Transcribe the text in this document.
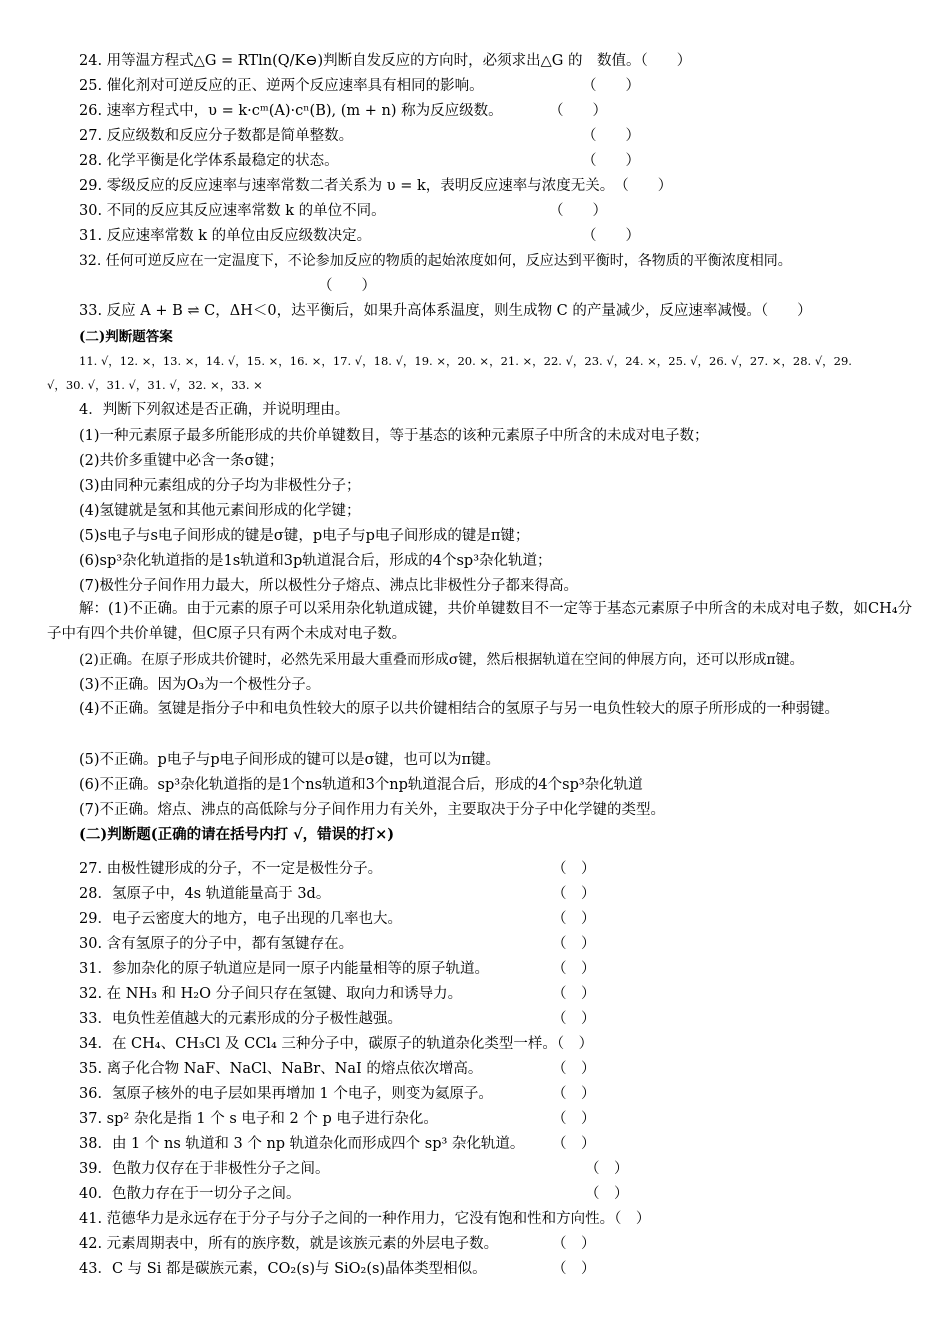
24. 用等温方程式△G = RTln(Q/K⊖)判断自发反应的方向时，必须求出△G 的　数值。（　　）
25. 催化剂对可逆反应的正、逆两个反应速率具有相同的影响。	（　　）
26. 速率方程式中，υ = k·cᵐ(A)·cⁿ(B), (m + n) 称为反应级数。	（　　）
27. 反应级数和反应分子数都是简单整数。	（　　）
28. 化学平衡是化学体系最稳定的状态。	（　　）
29. 零级反应的反应速率与速率常数二者关系为 υ = k，表明反应速率与浓度无关。　（　　）
30. 不同的反应其反应速率常数 k 的单位不同。	（　　）
31. 反应速率常数 k 的单位由反应级数决定。	（　　）
32. 任何可逆反应在一定温度下，不论参加反应的物质的起始浓度如何，反应达到平衡时，各物质的平衡浓度相同。
（　　）
33. 反应 A + B ⇌ C，ΔH＜0，达平衡后，如果升高体系温度，则生成物 C 的产量减少，反应速率减慢。（　　）
(二)判断题答案
11. √，12. ×，13. ×，14. √，15. ×，16. ×，17. √，18. √，19. ×，20. ×，21. ×，22. √，23. √，24. ×，25. √，26. √，27. ×，28. √，29.
√，30. √，31. √，31. √，32. ×，33. ×
4．判断下列叙述是否正确，并说明理由。
(1)一种元素原子最多所能形成的共价单键数目，等于基态的该种元素原子中所含的未成对电子数；
(2)共价多重键中必含一条σ键；
(3)由同种元素组成的分子均为非极性分子；
(4)氢键就是氢和其他元素间形成的化学键；
(5)s电子与s电子间形成的键是σ键，p电子与p电子间形成的键是π键；
(6)sp³杂化轨道指的是1s轨道和3p轨道混合后，形成的4个sp³杂化轨道；
(7)极性分子间作用力最大，所以极性分子熔点、沸点比非极性分子都来得高。
解：(1)不正确。由于元素的原子可以采用杂化轨道成键，共价单键数目不一定等于基态元素原子中所含的未成对电子数，如CH₄分子中有四个共价单键，但C原子只有两个未成对电子数。
(2)正确。在原子形成共价键时，必然先采用最大重叠而形成σ键，然后根据轨道在空间的伸展方向，还可以形成π键。
(3)不正确。因为O₃为一个极性分子。
(4)不正确。氢键是指分子中和电负性较大的原子以共价键相结合的氢原子与另一电负性较大的原子所形成的一种弱键。
(5)不正确。p电子与p电子间形成的键可以是σ键，也可以为π键。
(6)不正确。sp³杂化轨道指的是1个ns轨道和3个np轨道混合后，形成的4个sp³杂化轨道
(7)不正确。熔点、沸点的高低除与分子间作用力有关外，主要取决于分子中化学键的类型。
(二)判断题(正确的请在括号内打 √，错误的打×)
27. 由极性键形成的分子，不一定是极性分子。	（　）
28．氢原子中，4s 轨道能量高于 3d。	（　）
29．电子云密度大的地方，电子出现的几率也大。	（　）
30. 含有氢原子的分子中，都有氢键存在。	（　）
31．参加杂化的原子轨道应是同一原子内能量相等的原子轨道。	（　）
32. 在 NH₃ 和 H₂O 分子间只存在氢键、取向力和诱导力。	（　）
33．电负性差值越大的元素形成的分子极性越强。	（　）
34．在 CH₄、CH₃Cl 及 CCl₄ 三种分子中，碳原子的轨道杂化类型一样。（　）
35. 离子化合物 NaF、NaCl、NaBr、NaI 的熔点依次增高。	（　）
36．氢原子核外的电子层如果再增加 1 个电子，则变为氦原子。	（　）
37. sp² 杂化是指 1 个 s 电子和 2 个 p 电子进行杂化。	（　）
38．由 1 个 ns 轨道和 3 个 np 轨道杂化而形成四个 sp³ 杂化轨道。 （　）
39．色散力仅存在于非极性分子之间。	（　）
40．色散力存在于一切分子之间。	（　）
41. 范德华力是永远存在于分子与分子之间的一种作用力，它没有饱和性和方向性。（　）
42. 元素周期表中，所有的族序数，就是该族元素的外层电子数。	（　）
43．C 与 Si 都是碳族元素，CO₂(s)与 SiO₂(s)晶体类型相似。	（　）
